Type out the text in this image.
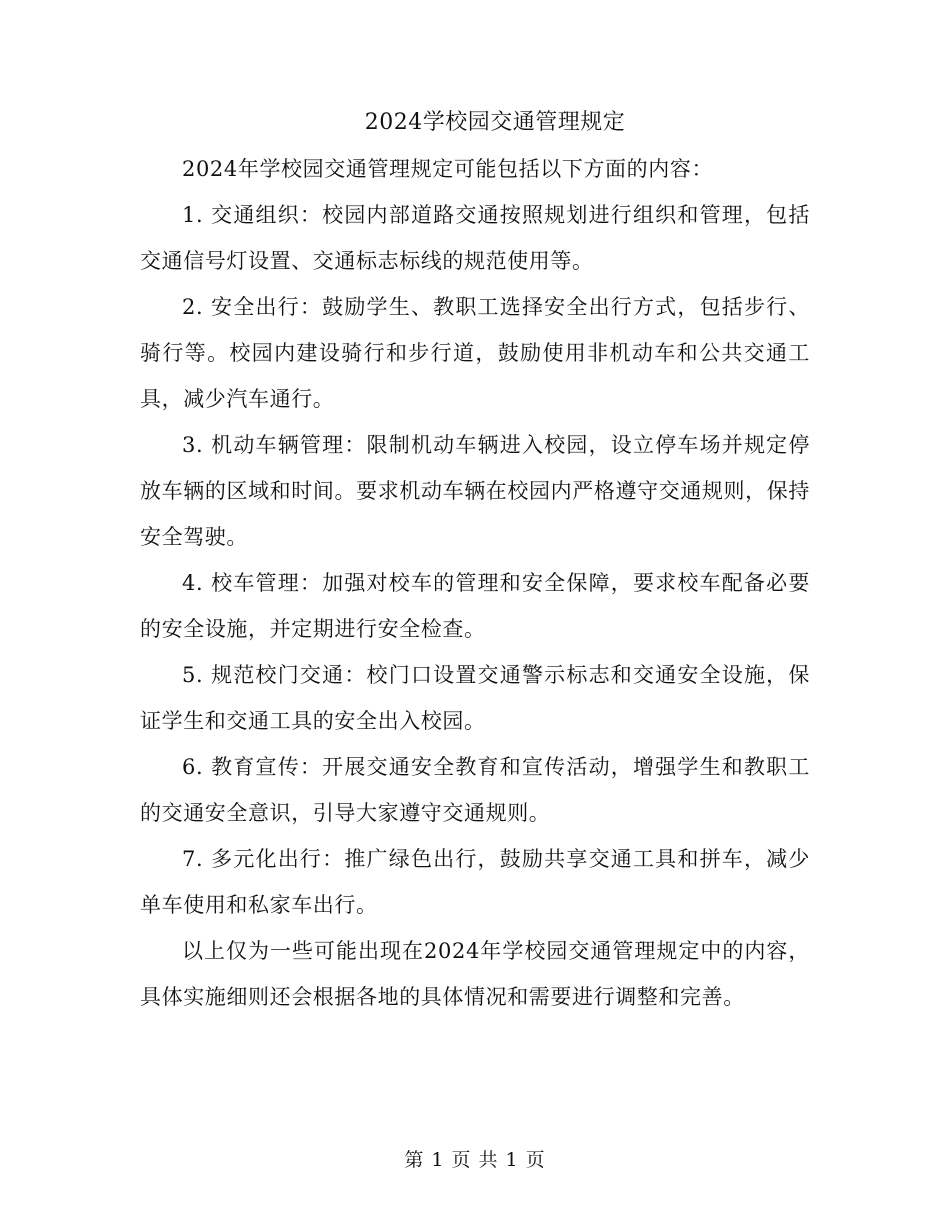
2024学校园交通管理规定

2024年学校园交通管理规定可能包括以下方面的内容：

1. 交通组织：校园内部道路交通按照规划进行组织和管理，包括交通信号灯设置、交通标志标线的规范使用等。

2. 安全出行：鼓励学生、教职工选择安全出行方式，包括步行、骑行等。校园内建设骑行和步行道，鼓励使用非机动车和公共交通工具，减少汽车通行。

3. 机动车辆管理：限制机动车辆进入校园，设立停车场并规定停放车辆的区域和时间。要求机动车辆在校园内严格遵守交通规则，保持安全驾驶。

4. 校车管理：加强对校车的管理和安全保障，要求校车配备必要的安全设施，并定期进行安全检查。

5. 规范校门交通：校门口设置交通警示标志和交通安全设施，保证学生和交通工具的安全出入校园。

6. 教育宣传：开展交通安全教育和宣传活动，增强学生和教职工的交通安全意识，引导大家遵守交通规则。

7. 多元化出行：推广绿色出行，鼓励共享交通工具和拼车，减少单车使用和私家车出行。

以上仅为一些可能出现在2024年学校园交通管理规定中的内容，具体实施细则还会根据各地的具体情况和需要进行调整和完善。

第 1 页 共 1 页
